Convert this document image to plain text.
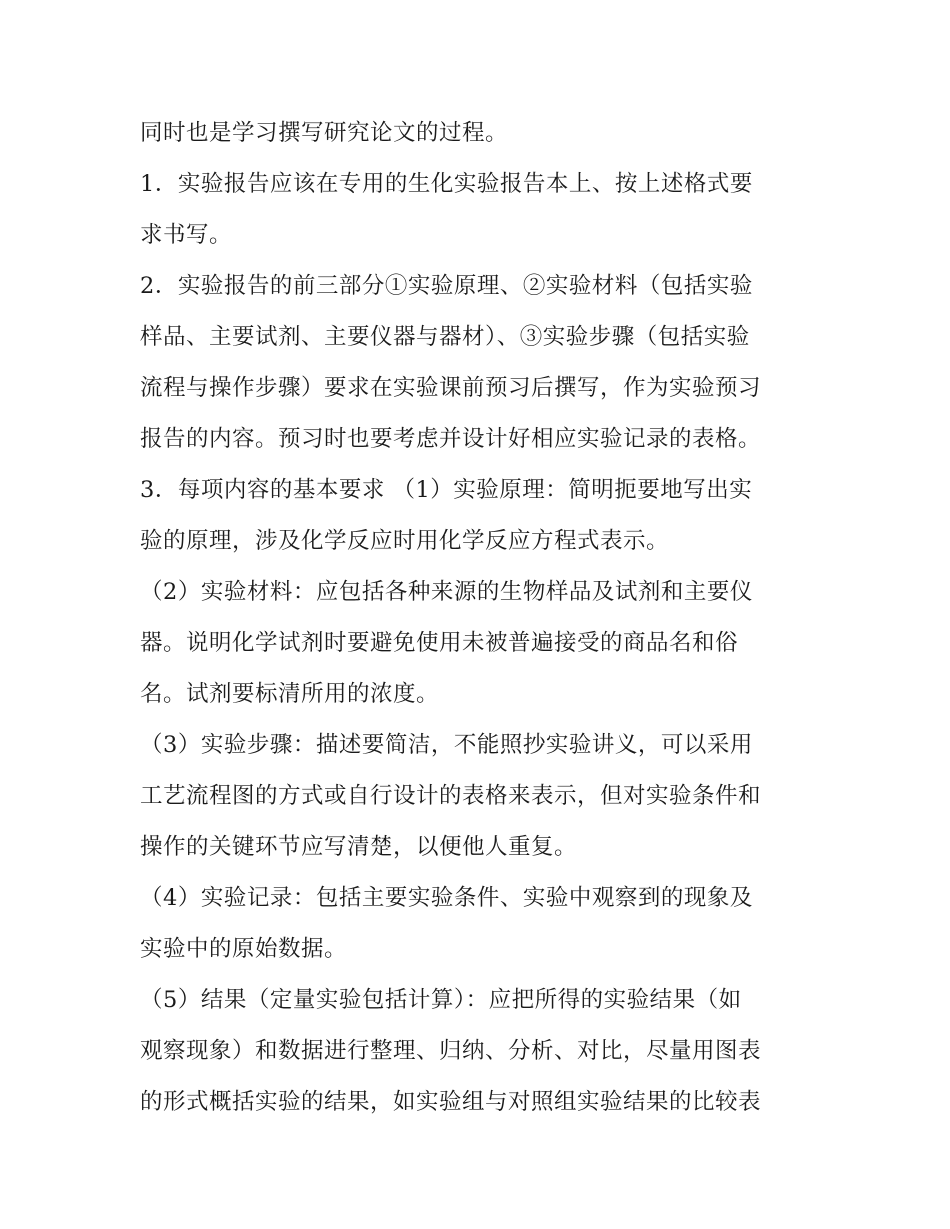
同时也是学习撰写研究论文的过程。
1．实验报告应该在专用的生化实验报告本上、按上述格式要
求书写。
2．实验报告的前三部分①实验原理、②实验材料（包括实验
样品、主要试剂、主要仪器与器材）、③实验步骤（包括实验
流程与操作步骤）要求在实验课前预习后撰写，作为实验预习
报告的内容。预习时也要考虑并设计好相应实验记录的表格。
3．每项内容的基本要求 （1）实验原理：简明扼要地写出实
验的原理，涉及化学反应时用化学反应方程式表示。
（2）实验材料：应包括各种来源的生物样品及试剂和主要仪
器。说明化学试剂时要避免使用未被普遍接受的商品名和俗
名。试剂要标清所用的浓度。
（3）实验步骤：描述要简洁，不能照抄实验讲义，可以采用
工艺流程图的方式或自行设计的表格来表示，但对实验条件和
操作的关键环节应写清楚，以便他人重复。
（4）实验记录：包括主要实验条件、实验中观察到的现象及
实验中的原始数据。
（5）结果（定量实验包括计算）：应把所得的实验结果（如
观察现象）和数据进行整理、归纳、分析、对比，尽量用图表
的形式概括实验的结果，如实验组与对照组实验结果的比较表
